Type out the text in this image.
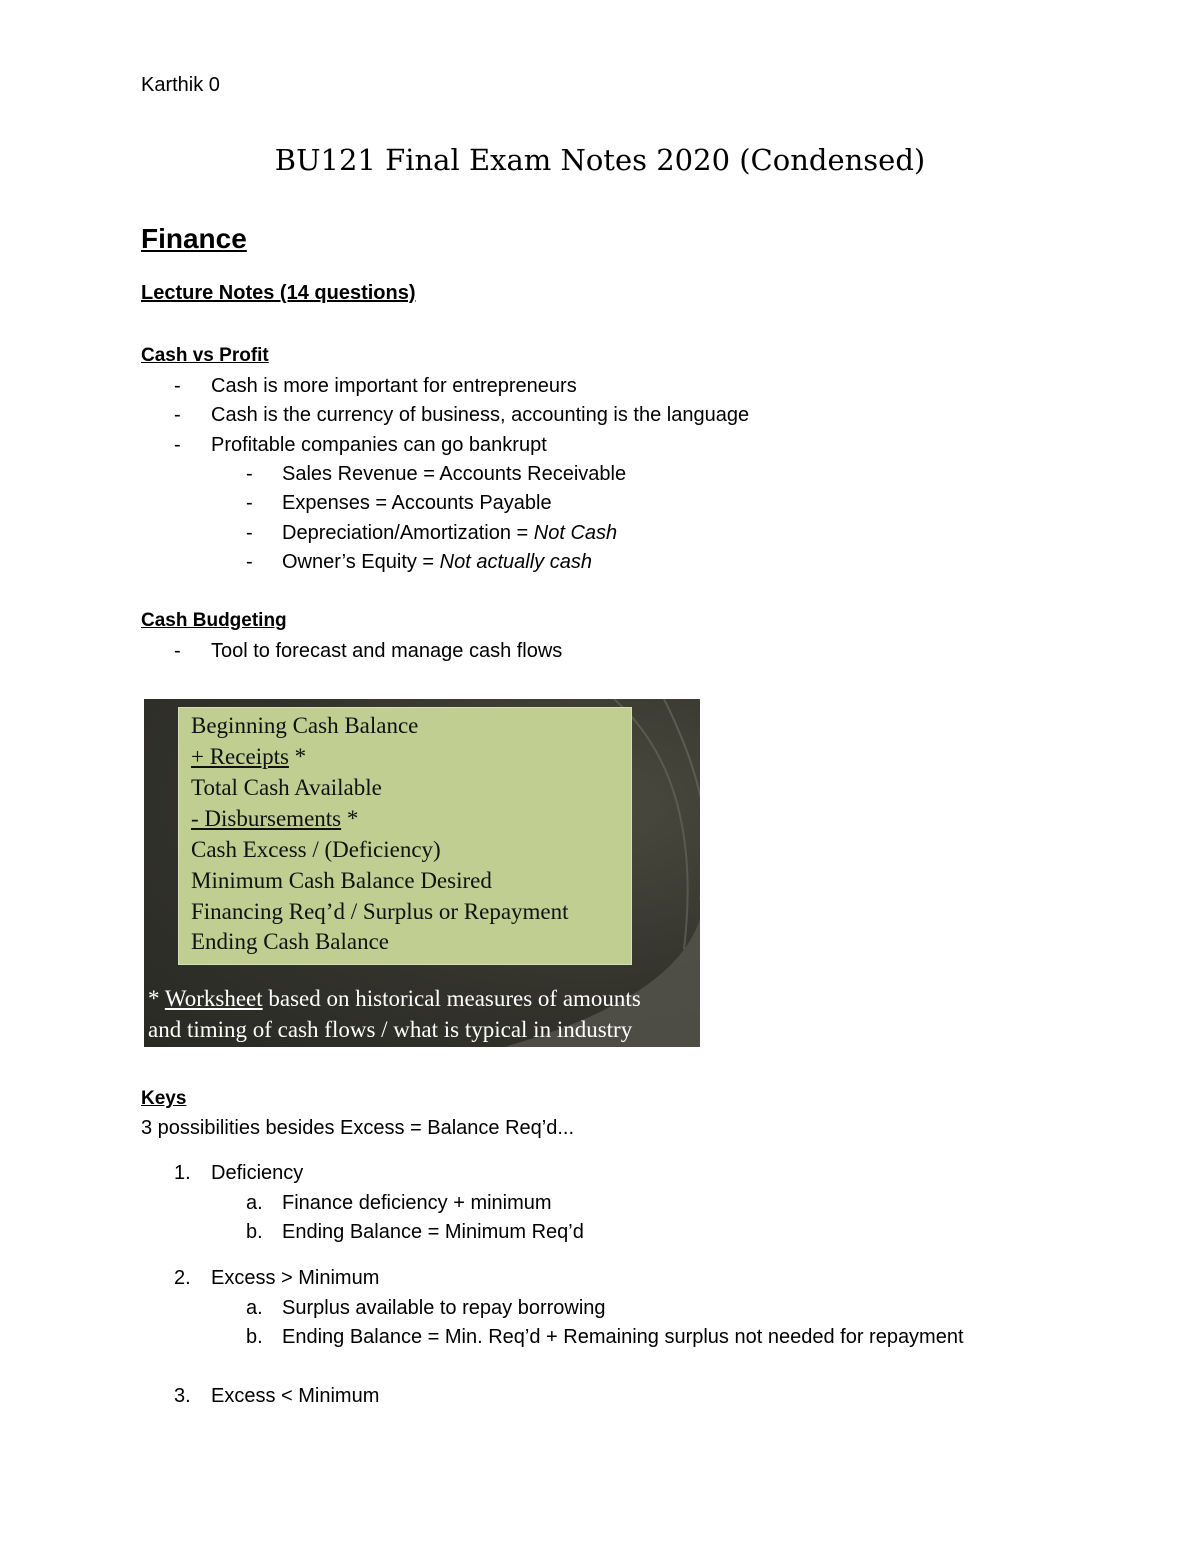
Karthik 0
BU121 Final Exam Notes 2020 (Condensed)
Finance
Lecture Notes (14 questions)
Cash vs Profit
- Cash is more important for entrepreneurs
- Cash is the currency of business, accounting is the language
- Profitable companies can go bankrupt
- Sales Revenue = Accounts Receivable
- Expenses = Accounts Payable
- Depreciation/Amortization = Not Cash
- Owner’s Equity = Not actually cash
Cash Budgeting
- Tool to forecast and manage cash flows
Beginning Cash Balance
+ Receipts *
Total Cash Available
- Disbursements *
Cash Excess / (Deficiency)
Minimum Cash Balance Desired
Financing Req’d / Surplus or Repayment
Ending Cash Balance
* Worksheet based on historical measures of amounts
and timing of cash flows / what is typical in industry
Keys
3 possibilities besides Excess = Balance Req’d...
1. Deficiency
a. Finance deficiency + minimum
b. Ending Balance = Minimum Req’d
2. Excess > Minimum
a. Surplus available to repay borrowing
b. Ending Balance = Min. Req’d + Remaining surplus not needed for repayment
3. Excess < Minimum
